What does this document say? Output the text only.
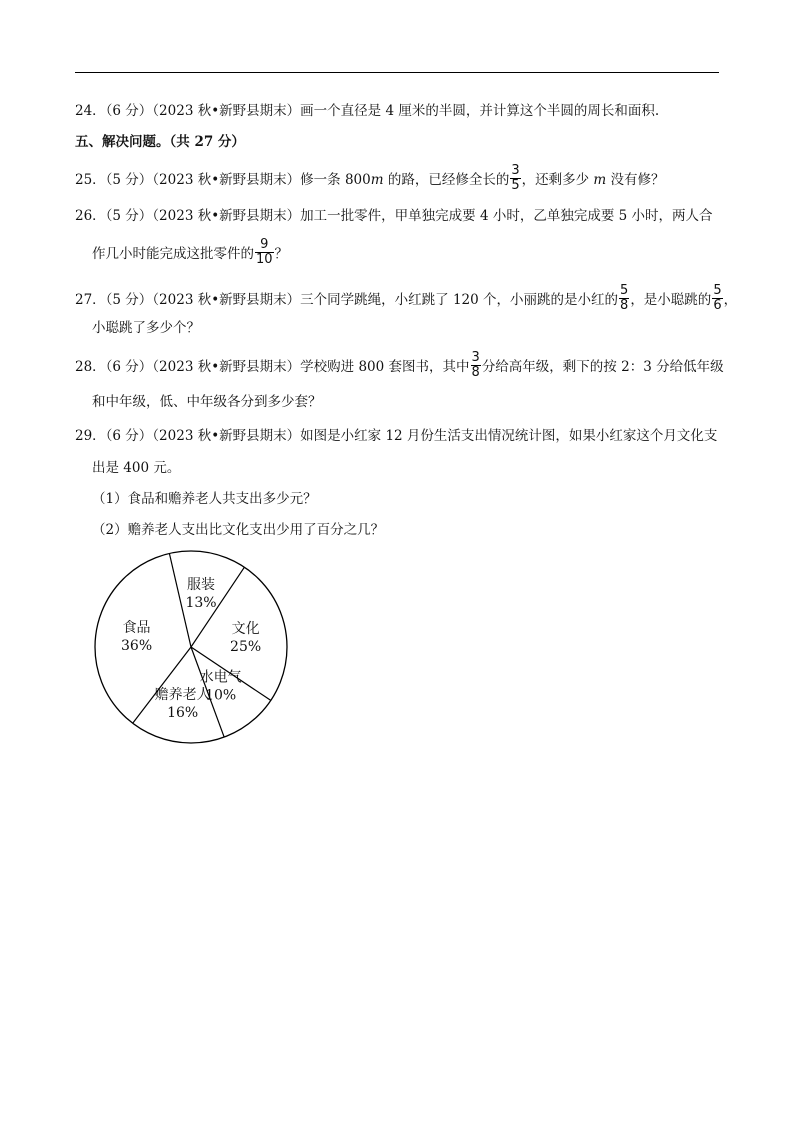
24．（6 分）（2023 秋•新野县期末）画一个直径是 4 厘米的半圆，并计算这个半圆的周长和面积.
五、解决问题。（共 27 分）
25．（5 分）（2023 秋•新野县期末）修一条 800m 的路，已经修全长的 $\frac{3}{5}$ ，还剩多少 m 没有修？
26．（5 分）（2023 秋•新野县期末）加工一批零件，甲单独完成要 4 小时，乙单独完成要 5 小时，两人合
作几小时能完成这批零件的 $\frac{9}{10}$ ？
27．（5 分）（2023 秋•新野县期末）三个同学跳绳，小红跳了 120 个，小丽跳的是小红的 $\frac{5}{8}$ ，是小聪跳的 $\frac{5}{6}$ ，
小聪跳了多少个？
28．（6 分）（2023 秋•新野县期末）学校购进 800 套图书，其中 $\frac{3}{8}$ 分给高年级，剩下的按 2：3 分给低年级
和中年级，低、中年级各分到多少套？
29．（6 分）（2023 秋•新野县期末）如图是小红家 12 月份生活支出情况统计图，如果小红家这个月文化支
出是 400 元。
（1）食品和赡养老人共支出多少元？
（2）赡养老人支出比文化支出少用了百分之几？
服装
13%
文化
25%
水电气
10%
赡养老人
16%
食品
36%
